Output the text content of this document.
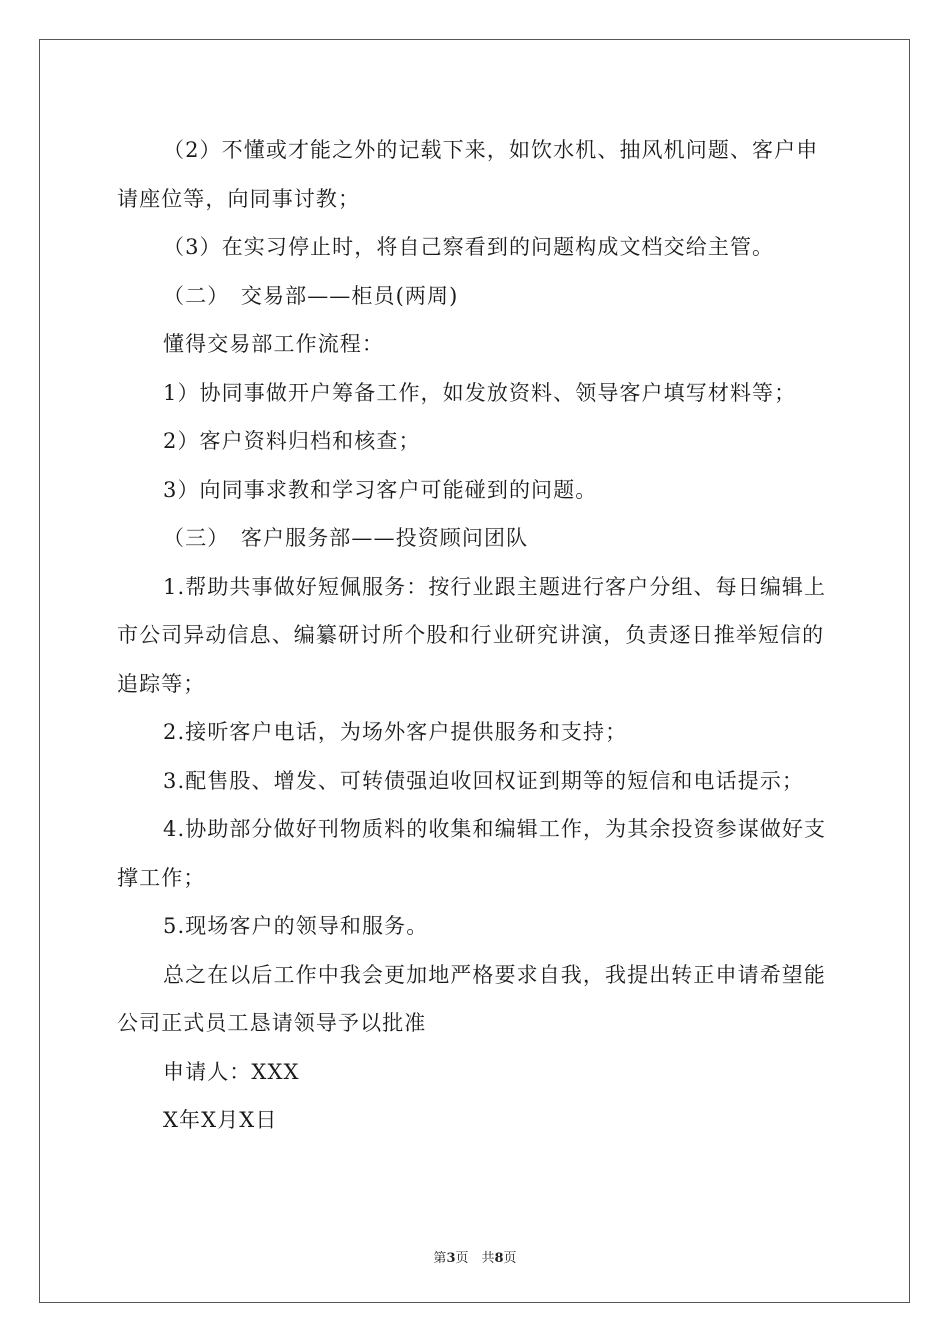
（2）不懂或才能之外的记载下来，如饮水机、抽风机问题、客户申请座位等，向同事讨教；

（3）在实习停止时，将自己察看到的问题构成文档交给主管。

（二）　交易部——柜员(两周)

懂得交易部工作流程：

1）协同事做开户筹备工作，如发放资料、领导客户填写材料等；

2）客户资料归档和核查；

3）向同事求教和学习客户可能碰到的问题。

（三）　客户服务部——投资顾问团队

1.帮助共事做好短佩服务：按行业跟主题进行客户分组、每日编辑上市公司异动信息、编纂研讨所个股和行业研究讲演，负责逐日推举短信的追踪等；

2.接听客户电话，为场外客户提供服务和支持；

3.配售股、增发、可转债强迫收回权证到期等的短信和电话提示；

4.协助部分做好刊物质料的收集和编辑工作，为其余投资参谋做好支撑工作；

5.现场客户的领导和服务。

总之在以后工作中我会更加地严格要求自我，我提出转正申请希望能公司正式员工恳请领导予以批准

申请人：XXX

X年X月X日

第3页　共8页
